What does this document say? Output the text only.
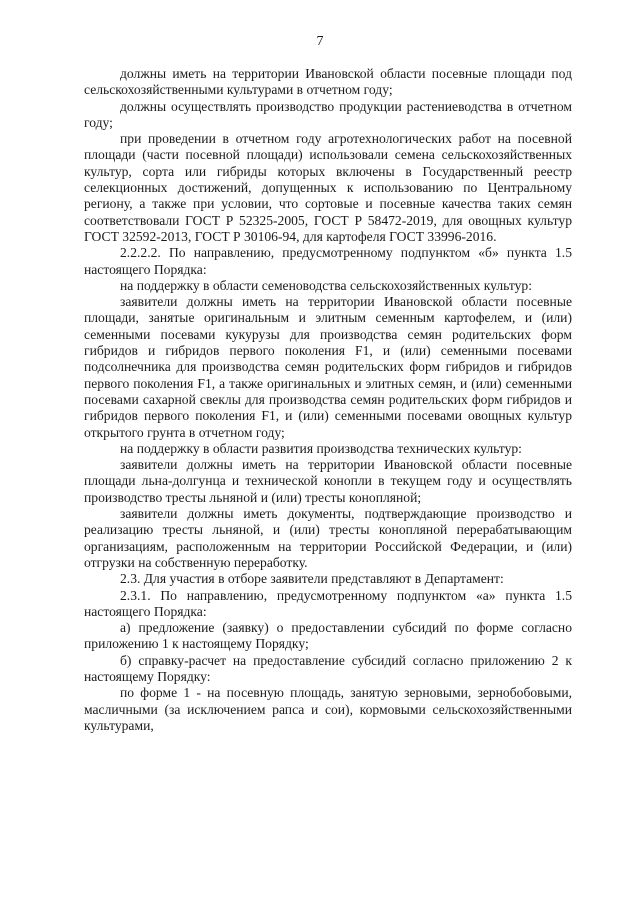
7

должны иметь на территории Ивановской области посевные площади под сельскохозяйственными культурами в отчетном году;

должны осуществлять производство продукции растениеводства в отчетном году;

при проведении в отчетном году агротехнологических работ на посевной площади (части посевной площади) использовали семена сельскохозяйственных культур, сорта или гибриды которых включены в Государственный реестр селекционных достижений, допущенных к использованию по Центральному региону, а также при условии, что сортовые и посевные качества таких семян соответствовали ГОСТ Р 52325-2005, ГОСТ Р 58472-2019, для овощных культур ГОСТ 32592-2013, ГОСТ Р 30106-94, для картофеля ГОСТ 33996-2016.

2.2.2.2. По направлению, предусмотренному подпунктом «б» пункта 1.5 настоящего Порядка:

на поддержку в области семеноводства сельскохозяйственных культур:

заявители должны иметь на территории Ивановской области посевные площади, занятые оригинальным и элитным семенным картофелем, и (или) семенными посевами кукурузы для производства семян родительских форм гибридов и гибридов первого поколения F1, и (или) семенными посевами подсолнечника для производства семян родительских форм гибридов и гибридов первого поколения F1, а также оригинальных и элитных семян, и (или) семенными посевами сахарной свеклы для производства семян родительских форм гибридов и гибридов первого поколения F1, и (или) семенными посевами овощных культур открытого грунта в отчетном году;

на поддержку в области развития производства технических культур:

заявители должны иметь на территории Ивановской области посевные площади льна-долгунца и технической конопли в текущем году и осуществлять производство тресты льняной и (или) тресты конопляной;

заявители должны иметь документы, подтверждающие производство и реализацию тресты льняной, и (или) тресты конопляной перерабатывающим организациям, расположенным на территории Российской Федерации, и (или) отгрузки на собственную переработку.

2.3. Для участия в отборе заявители представляют в Департамент:

2.3.1. По направлению, предусмотренному подпунктом «а» пункта 1.5 настоящего Порядка:

а) предложение (заявку) о предоставлении субсидий по форме согласно приложению 1 к настоящему Порядку;

б) справку-расчет на предоставление субсидий согласно приложению 2 к настоящему Порядку:

по форме 1 - на посевную площадь, занятую зерновыми, зернобобовыми, масличными (за исключением рапса и сои), кормовыми сельскохозяйственными культурами,
